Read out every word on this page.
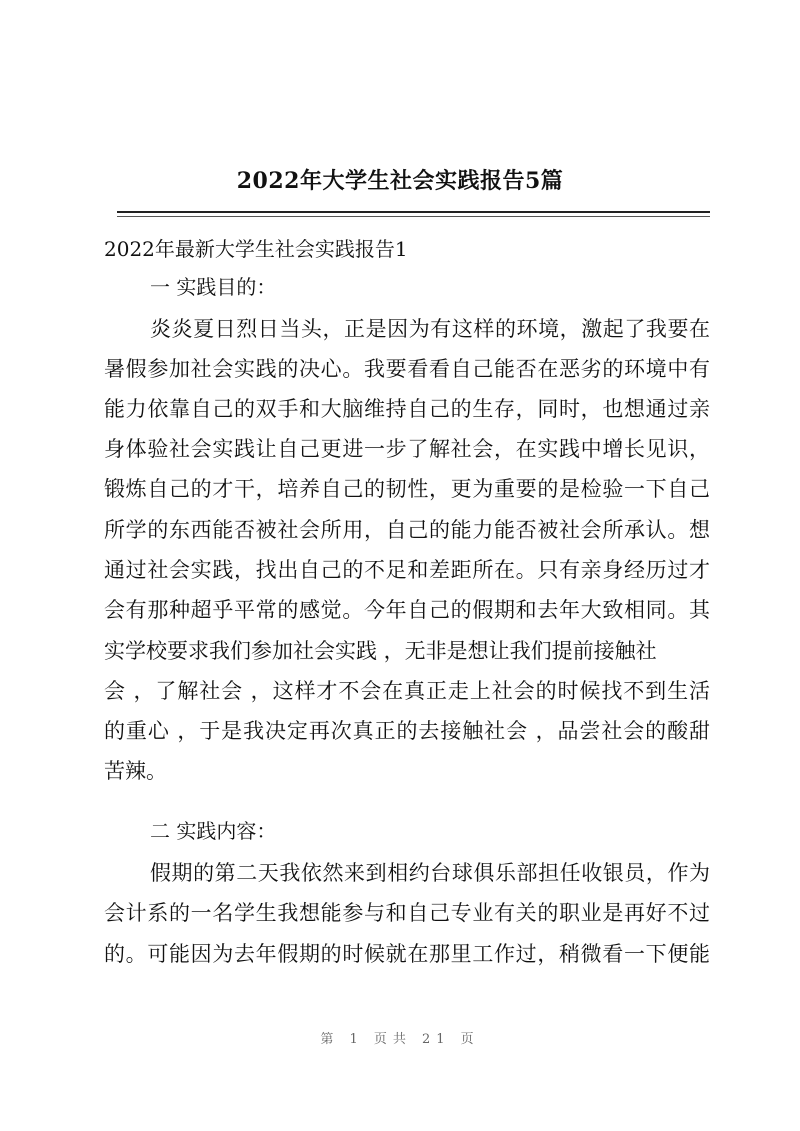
2022年大学生社会实践报告5篇
2022年最新大学生社会实践报告1
一 实践目的：
炎炎夏日烈日当头，正是因为有这样的环境，激起了我要在
暑假参加社会实践的决心。我要看看自己能否在恶劣的环境中有
能力依靠自己的双手和大脑维持自己的生存，同时，也想通过亲
身体验社会实践让自己更进一步了解社会，在实践中增长见识，
锻炼自己的才干，培养自己的韧性，更为重要的是检验一下自己
所学的东西能否被社会所用，自己的能力能否被社会所承认。想
通过社会实践，找出自己的不足和差距所在。只有亲身经历过才
会有那种超乎平常的感觉。今年自己的假期和去年大致相同。其
实学校要求我们参加社会实践 ，无非是想让我们提前接触社
会 ，了解社会 ，这样才不会在真正走上社会的时候找不到生活
的重心 ，于是我决定再次真正的去接触社会 ，品尝社会的酸甜
苦辣。
二 实践内容：
假期的第二天我依然来到相约台球俱乐部担任收银员，作为
会计系的一名学生我想能参与和自己专业有关的职业是再好不过
的。可能因为去年假期的时候就在那里工作过，稍微看一下便能
第 1 页共 21 页
